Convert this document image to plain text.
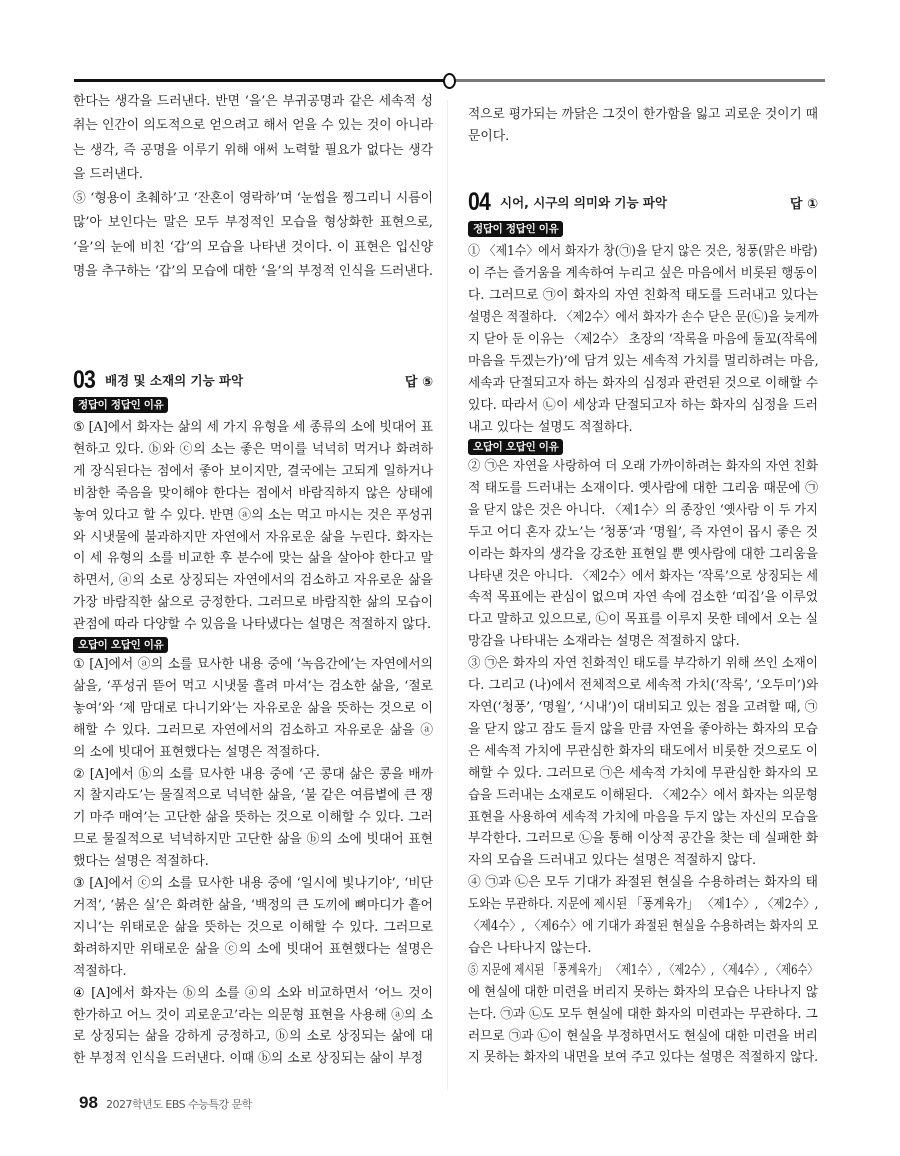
한다는 생각을 드러낸다. 반면 ‘을’은 부귀공명과 같은 세속적 성
취는 인간이 의도적으로 얻으려고 해서 얻을 수 있는 것이 아니라
는 생각, 즉 공명을 이루기 위해 애써 노력할 필요가 없다는 생각
을 드러낸다.
⑤ ‘형용이 초췌하’고 ‘잔혼이 영락하’며 ‘눈썹을 찡그리니 시름이
많’아 보인다는 말은 모두 부정적인 모습을 형상화한 표현으로,
‘을’의 눈에 비친 ‘갑’의 모습을 나타낸 것이다. 이 표현은 입신양
명을 추구하는 ‘갑’의 모습에 대한 ‘을’의 부정적 인식을 드러낸다.
03 배경 및 소재의 기능 파악	답 ⑤
정답이 정답인 이유
⑤ [A]에서 화자는 삶의 세 가지 유형을 세 종류의 소에 빗대어 표
현하고 있다. ⓑ와 ⓒ의 소는 좋은 먹이를 넉넉히 먹거나 화려하
게 장식된다는 점에서 좋아 보이지만, 결국에는 고되게 일하거나
비참한 죽음을 맞이해야 한다는 점에서 바람직하지 않은 상태에
놓여 있다고 할 수 있다. 반면 ⓐ의 소는 먹고 마시는 것은 푸성귀
와 시냇물에 불과하지만 자연에서 자유로운 삶을 누린다. 화자는
이 세 유형의 소를 비교한 후 분수에 맞는 삶을 살아야 한다고 말
하면서, ⓐ의 소로 상징되는 자연에서의 검소하고 자유로운 삶을
가장 바람직한 삶으로 긍정한다. 그러므로 바람직한 삶의 모습이
관점에 따라 다양할 수 있음을 나타냈다는 설명은 적절하지 않다.
오답이 오답인 이유
① [A]에서 ⓐ의 소를 묘사한 내용 중에 ‘녹음간에’는 자연에서의
삶을, ‘푸성귀 뜯어 먹고 시냇물 흘려 마셔’는 검소한 삶을, ‘절로
놓여’와 ‘제 맘대로 다니기와’는 자유로운 삶을 뜻하는 것으로 이
해할 수 있다. 그러므로 자연에서의 검소하고 자유로운 삶을 ⓐ
의 소에 빗대어 표현했다는 설명은 적절하다.
② [A]에서 ⓑ의 소를 묘사한 내용 중에 ‘곤 콩대 삶은 콩을 배까
지 찰지라도’는 물질적으로 넉넉한 삶을, ‘불 같은 여름볕에 큰 쟁
기 마주 매여’는 고단한 삶을 뜻하는 것으로 이해할 수 있다. 그러
므로 물질적으로 넉넉하지만 고단한 삶을 ⓑ의 소에 빗대어 표현
했다는 설명은 적절하다.
③ [A]에서 ⓒ의 소를 묘사한 내용 중에 ‘일시에 빛나기야’, ‘비단
거적’, ‘붉은 실’은 화려한 삶을, ‘백정의 큰 도끼에 뼈마디가 흩어
지니’는 위태로운 삶을 뜻하는 것으로 이해할 수 있다. 그러므로
화려하지만 위태로운 삶을 ⓒ의 소에 빗대어 표현했다는 설명은
적절하다.
④ [A]에서 화자는 ⓑ의 소를 ⓐ의 소와 비교하면서 ‘어느 것이
한가하고 어느 것이 괴로운고’라는 의문형 표현을 사용해 ⓐ의 소
로 상징되는 삶을 강하게 긍정하고, ⓑ의 소로 상징되는 삶에 대
한 부정적 인식을 드러낸다. 이때 ⓑ의 소로 상징되는 삶이 부정
적으로 평가되는 까닭은 그것이 한가함을 잃고 괴로운 것이기 때
문이다.
04 시어, 시구의 의미와 기능 파악	답 ①
정답이 정답인 이유
① 〈제1수〉에서 화자가 창(㉠)을 닫지 않은 것은, 청풍(맑은 바람)
이 주는 즐거움을 계속하여 누리고 싶은 마음에서 비롯된 행동이
다. 그러므로 ㉠이 화자의 자연 친화적 태도를 드러내고 있다는
설명은 적절하다. 〈제2수〉에서 화자가 손수 닫은 문(㉡)을 늦게까
지 닫아 둔 이유는 〈제2수〉 초장의 ‘작록을 마음에 둘꼬(작록에
마음을 두겠는가)’에 담겨 있는 세속적 가치를 멀리하려는 마음,
세속과 단절되고자 하는 화자의 심정과 관련된 것으로 이해할 수
있다. 따라서 ㉡이 세상과 단절되고자 하는 화자의 심정을 드러
내고 있다는 설명도 적절하다.
오답이 오답인 이유
② ㉠은 자연을 사랑하여 더 오래 가까이하려는 화자의 자연 친화
적 태도를 드러내는 소재이다. 옛사람에 대한 그리움 때문에 ㉠
을 닫지 않은 것은 아니다. 〈제1수〉의 종장인 ‘옛사람 이 두 가지
두고 어디 혼자 갔노’는 ‘청풍’과 ‘명월’, 즉 자연이 몹시 좋은 것
이라는 화자의 생각을 강조한 표현일 뿐 옛사람에 대한 그리움을
나타낸 것은 아니다. 〈제2수〉에서 화자는 ‘작록’으로 상징되는 세
속적 목표에는 관심이 없으며 자연 속에 검소한 ‘띠집’을 이루었
다고 말하고 있으므로, ㉡이 목표를 이루지 못한 데에서 오는 실
망감을 나타내는 소재라는 설명은 적절하지 않다.
③ ㉠은 화자의 자연 친화적인 태도를 부각하기 위해 쓰인 소재이
다. 그리고 (나)에서 전체적으로 세속적 가치(‘작록’, ‘오두미’)와
자연(‘청풍’, ‘명월’, ‘시내’)이 대비되고 있는 점을 고려할 때, ㉠
을 닫지 않고 잠도 들지 않을 만큼 자연을 좋아하는 화자의 모습
은 세속적 가치에 무관심한 화자의 태도에서 비롯한 것으로도 이
해할 수 있다. 그러므로 ㉠은 세속적 가치에 무관심한 화자의 모
습을 드러내는 소재로도 이해된다. 〈제2수〉에서 화자는 의문형
표현을 사용하여 세속적 가치에 마음을 두지 않는 자신의 모습을
부각한다. 그러므로 ㉡을 통해 이상적 공간을 찾는 데 실패한 화
자의 모습을 드러내고 있다는 설명은 적절하지 않다.
④ ㉠과 ㉡은 모두 기대가 좌절된 현실을 수용하려는 화자의 태
도와는 무관하다. 지문에 제시된 「풍계육가」 〈제1수〉, 〈제2수〉,
〈제4수〉, 〈제6수〉에 기대가 좌절된 현실을 수용하려는 화자의 모
습은 나타나지 않는다.
⑤ 지문에 제시된 「풍계육가」 〈제1수〉, 〈제2수〉, 〈제4수〉, 〈제6수〉
에 현실에 대한 미련을 버리지 못하는 화자의 모습은 나타나지 않
는다. ㉠과 ㉡도 모두 현실에 대한 화자의 미련과는 무관하다. 그
러므로 ㉠과 ㉡이 현실을 부정하면서도 현실에 대한 미련을 버리
지 못하는 화자의 내면을 보여 주고 있다는 설명은 적절하지 않다.
98 2027학년도 EBS 수능특강 문학
